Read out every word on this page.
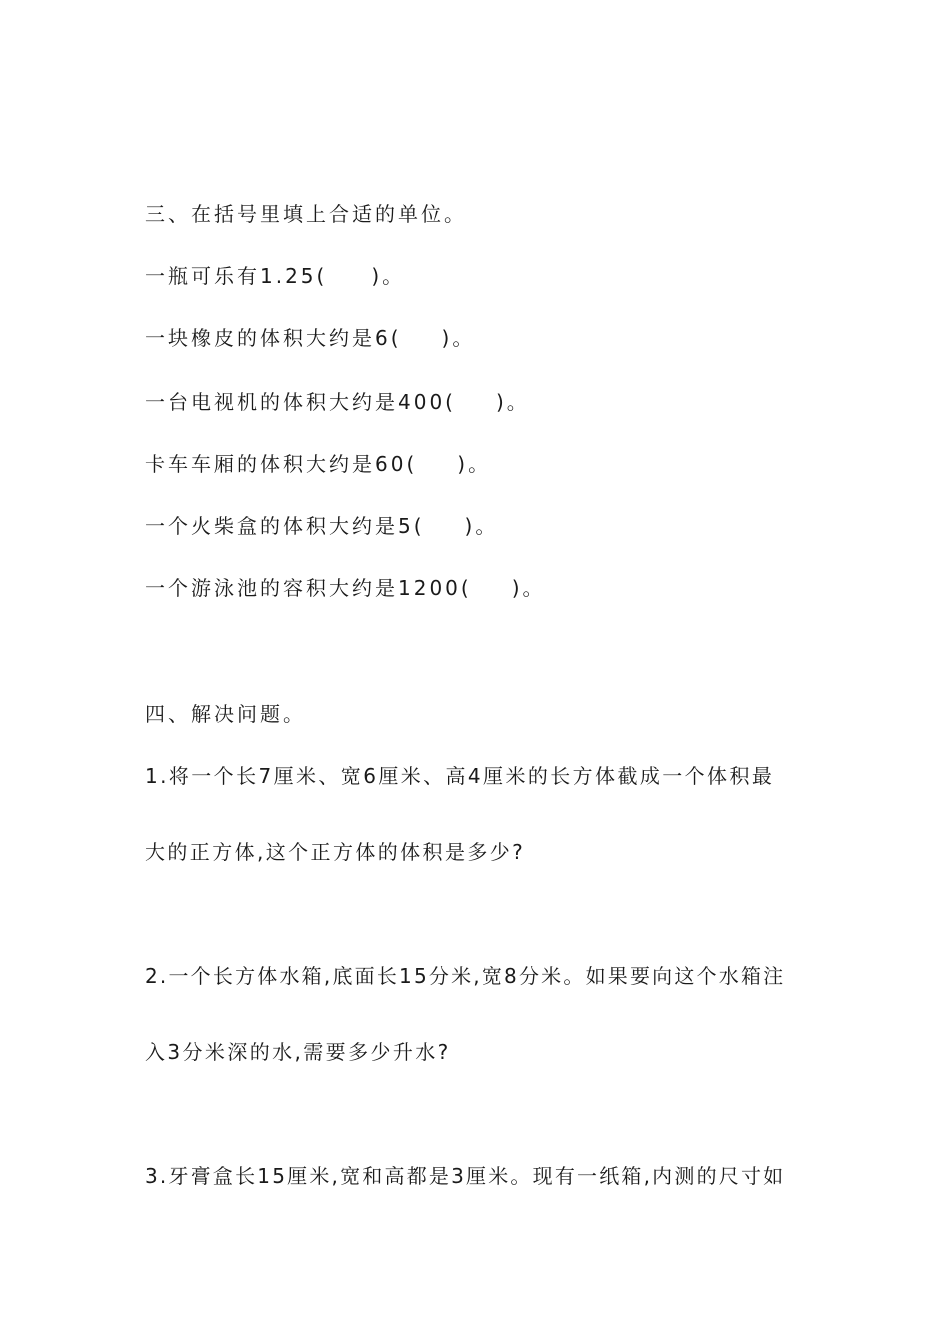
三、在括号里填上合适的单位。
一瓶可乐有1.25( )。
一块橡皮的体积大约是6( )。
一台电视机的体积大约是400( )。
卡车车厢的体积大约是60( )。
一个火柴盒的体积大约是5( )。
一个游泳池的容积大约是1200( )。
四、解决问题。
1.将一个长7厘米、宽6厘米、高4厘米的长方体截成一个体积最
大的正方体,这个正方体的体积是多少?
2.一个长方体水箱,底面长15分米,宽8分米。如果要向这个水箱注
入3分米深的水,需要多少升水?
3.牙膏盒长15厘米,宽和高都是3厘米。现有一纸箱,内测的尺寸如
